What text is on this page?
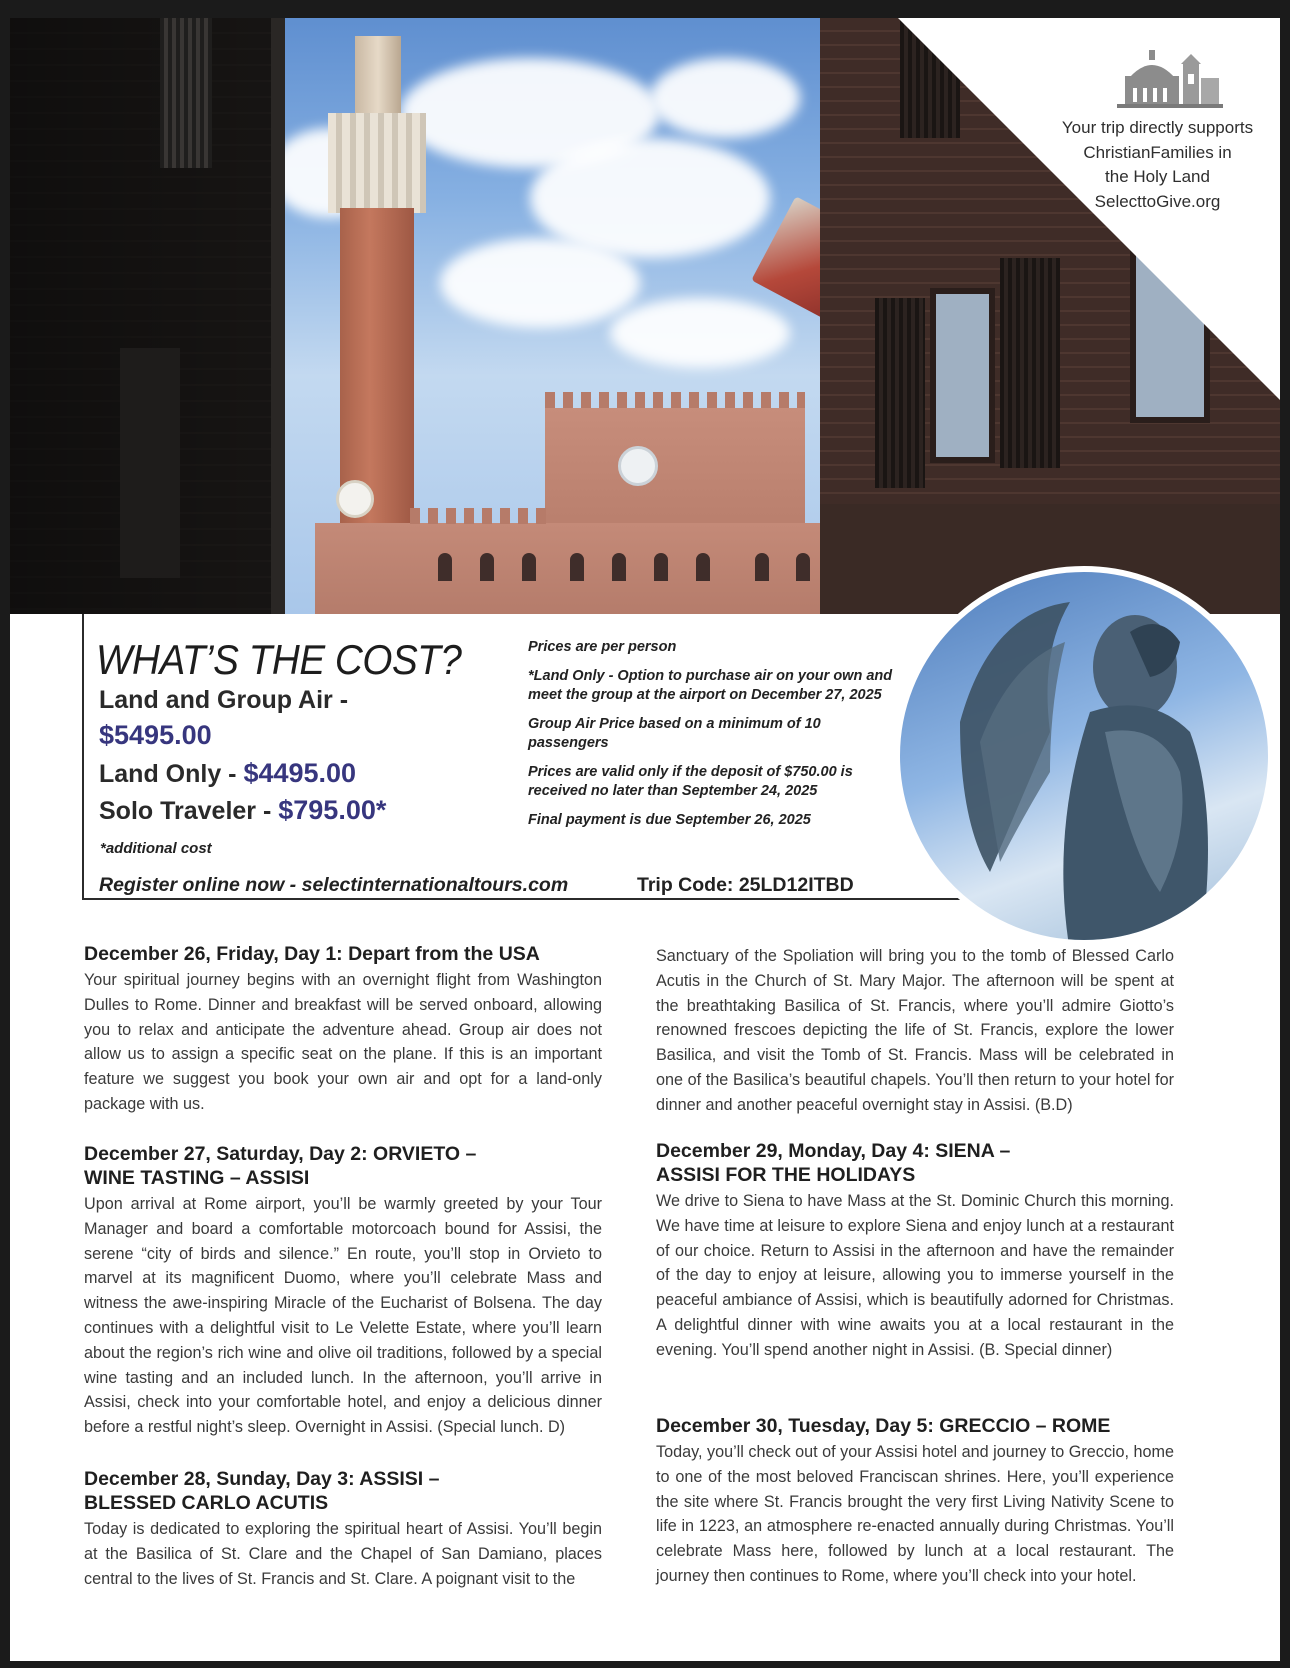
Your trip directly supports
ChristianFamilies in
the Holy Land
SelecttoGive.org
WHAT’S THE COST?
Land and Group Air -
$5495.00
Land Only - $4495.00
Solo Traveler - $795.00*
*additional cost

Prices are per person

*Land Only - Option to purchase air on your own and meet the group at the airport on December 27, 2025

Group Air Price based on a minimum of 10 passengers

Prices are valid only if the deposit of $750.00 is received no later than September 24, 2025

Final payment is due September 26, 2025

Register online now - selectinternationaltours.com	Trip Code: 25LD12ITBD
December 26, Friday, Day 1: Depart from the USA

Your spiritual journey begins with an overnight flight from Washington Dulles to Rome. Dinner and breakfast will be served onboard, allowing you to relax and anticipate the adventure ahead. Group air does not allow us to assign a specific seat on the plane. If this is an important feature we suggest you book your own air and opt for a land-only package with us.

December 27, Saturday, Day 2: ORVIETO –
WINE TASTING – ASSISI

Upon arrival at Rome airport, you’ll be warmly greeted by your Tour Manager and board a comfortable motorcoach bound for Assisi, the serene “city of birds and silence.” En route, you’ll stop in Orvieto to marvel at its magnificent Duomo, where you’ll celebrate Mass and witness the awe-inspiring Miracle of the Eucharist of Bolsena. The day continues with a delightful visit to Le Velette Estate, where you’ll learn about the region’s rich wine and olive oil traditions, followed by a special wine tasting and an included lunch. In the afternoon, you’ll arrive in Assisi, check into your comfortable hotel, and enjoy a delicious dinner before a restful night’s sleep. Overnight in Assisi. (Special lunch. D)

December 28, Sunday, Day 3: ASSISI –
BLESSED CARLO ACUTIS

Today is dedicated to exploring the spiritual heart of Assisi. You’ll begin at the Basilica of St. Clare and the Chapel of San Damiano, places central to the lives of St. Francis and St. Clare. A poignant visit to the

Sanctuary of the Spoliation will bring you to the tomb of Blessed Carlo Acutis in the Church of St. Mary Major. The afternoon will be spent at the breathtaking Basilica of St. Francis, where you’ll admire Giotto’s renowned frescoes depicting the life of St. Francis, explore the lower Basilica, and visit the Tomb of St. Francis. Mass will be celebrated in one of the Basilica’s beautiful chapels. You’ll then return to your hotel for dinner and another peaceful overnight stay in Assisi. (B.D)

December 29, Monday, Day 4: SIENA –
ASSISI FOR THE HOLIDAYS

We drive to Siena to have Mass at the St. Dominic Church this morning. We have time at leisure to explore Siena and enjoy lunch at a restaurant of our choice. Return to Assisi in the afternoon and have the remainder of the day to enjoy at leisure, allowing you to immerse yourself in the peaceful ambiance of Assisi, which is beautifully adorned for Christmas. A delightful dinner with wine awaits you at a local restaurant in the evening. You’ll spend another night in Assisi. (B. Special dinner)

December 30, Tuesday, Day 5: GRECCIO – ROME

Today, you’ll check out of your Assisi hotel and journey to Greccio, home to one of the most beloved Franciscan shrines. Here, you’ll experience the site where St. Francis brought the very first Living Nativity Scene to life in 1223, an atmosphere re-enacted annually during Christmas. You’ll celebrate Mass here, followed by lunch at a local restaurant. The journey then continues to Rome, where you’ll check into your hotel.
